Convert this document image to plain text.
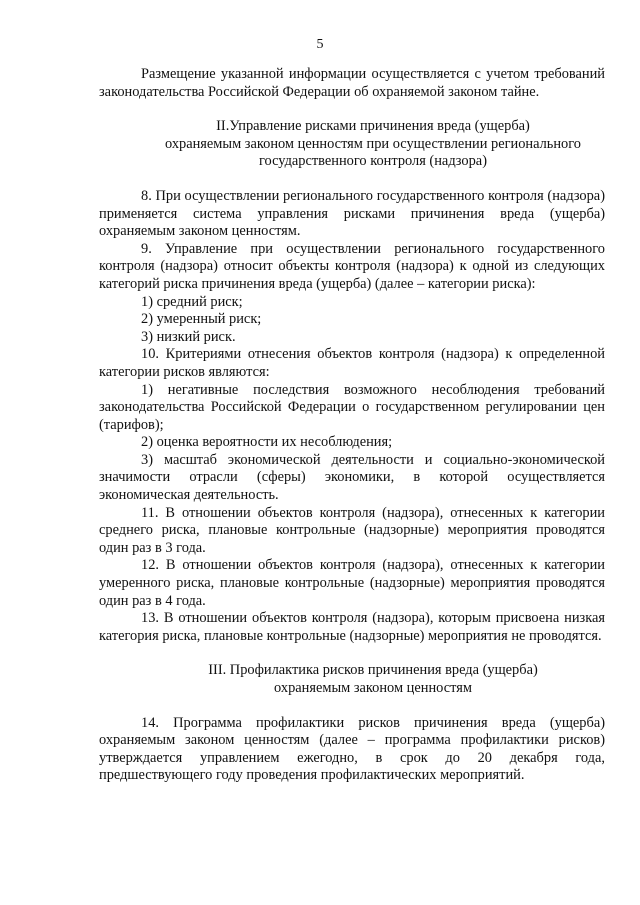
5

Размещение указанной информации осуществляется с учетом требований законодательства Российской Федерации об охраняемой законом тайне.

II.Управление рисками причинения вреда (ущерба)
охраняемым законом ценностям при осуществлении регионального
государственного контроля (надзора)

8. При осуществлении регионального государственного контроля (надзора) применяется система управления рисками причинения вреда (ущерба) охраняемым законом ценностям.

9. Управление при осуществлении регионального государственного контроля (надзора) относит объекты контроля (надзора) к одной из следующих категорий риска причинения вреда (ущерба) (далее – категории риска):

1) средний риск;

2) умеренный риск;

3) низкий риск.

10. Критериями отнесения объектов контроля (надзора) к определенной категории рисков являются:

1) негативные последствия возможного несоблюдения требований законодательства Российской Федерации о государственном регулировании цен (тарифов);

2) оценка вероятности их несоблюдения;

3) масштаб экономической деятельности и социально-экономической значимости отрасли (сферы) экономики, в которой осуществляется экономическая деятельность.

11. В отношении объектов контроля (надзора), отнесенных к категории среднего риска, плановые контрольные (надзорные) мероприятия проводятся один раз в 3 года.

12. В отношении объектов контроля (надзора), отнесенных к категории умеренного риска, плановые контрольные (надзорные) мероприятия проводятся один раз в 4 года.

13. В отношении объектов контроля (надзора), которым присвоена низкая категория риска, плановые контрольные (надзорные) мероприятия не проводятся.

III. Профилактика рисков причинения вреда (ущерба)
охраняемым законом ценностям

14. Программа профилактики рисков причинения вреда (ущерба) охраняемым законом ценностям (далее – программа профилактики рисков) утверждается управлением ежегодно, в срок до 20 декабря года, предшествующего году проведения профилактических мероприятий.
